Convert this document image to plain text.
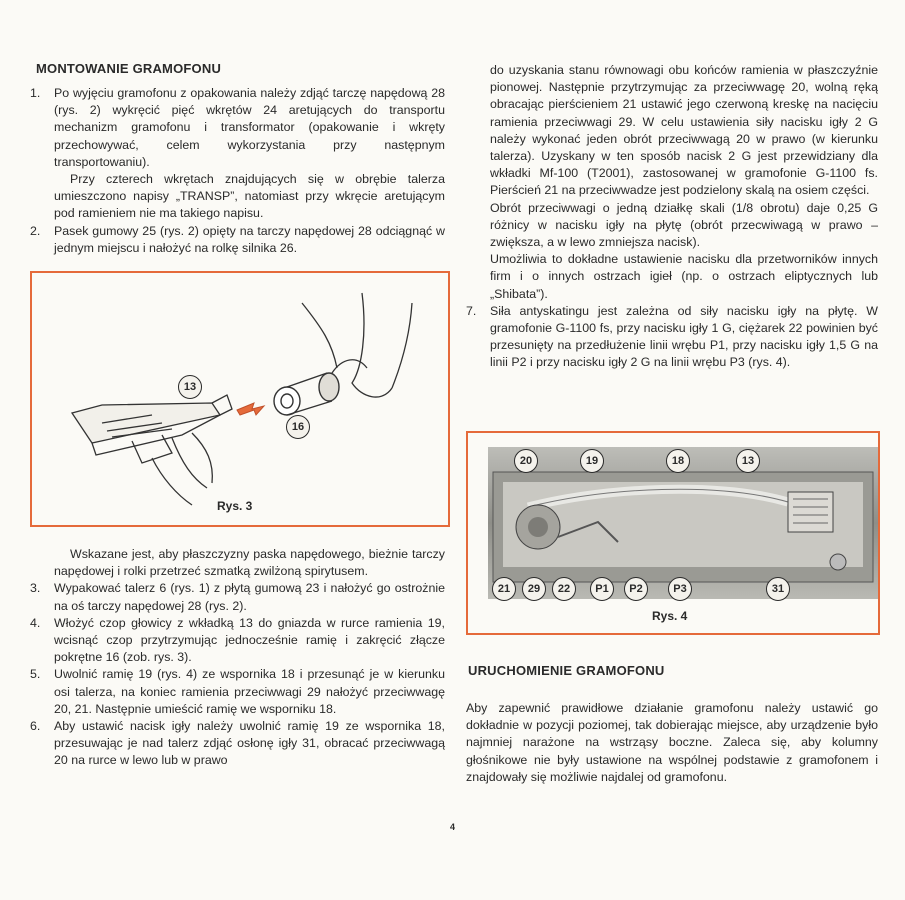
MONTOWANIE GRAMOFONU
1.	Po wyjęciu gramofonu z opakowania należy zdjąć tarczę napędową 28 (rys. 2) wykręcić pięć wkrętów 24 aretujących do transportu mechanizm gramofonu i transformator (opakowanie i wkręty przechowywać, celem wykorzystania przy następnym transportowaniu).

Przy czterech wkrętach znajdujących się w obrębie talerza umieszczono napisy „TRANSP”, natomiast przy wkręcie aretującym pod ramieniem nie ma takiego napisu.

2.	Pasek gumowy 25 (rys. 2) opięty na tarczy napędowej 28 odciągnąć w jednym miejscu i nałożyć na rolkę silnika 26.
13
16
Rys. 3

Wskazane jest, aby płaszczyzny paska napędowego, bieżnie tarczy napędowej i rolki przetrzeć szmatką zwilżoną spirytusem.

3.	Wypakować talerz 6 (rys. 1) z płytą gumową 23 i nałożyć go ostrożnie na oś tarczy napędowej 28 (rys. 2).
4.	Włożyć czop głowicy z wkładką 13 do gniazda w rurce ramienia 19, wcisnąć czop przytrzymując jednocześnie ramię i zakręcić złącze pokrętne 16 (zob. rys. 3).
5.	Uwolnić ramię 19 (rys. 4) ze wspornika 18 i przesunąć je w kierunku osi talerza, na koniec ramienia przeciwwagi 29 nałożyć przeciwwagę 20, 21. Następnie umieścić ramię we wsporniku 18.
6.	Aby ustawić nacisk igły należy uwolnić ramię 19 ze wspornika 18, przesuwając je nad talerz zdjąć osłonę igły 31, obracać przeciwwagą 20 na rurce w lewo lub w prawo

do uzyskania stanu równowagi obu końców ramienia w płaszczyźnie pionowej. Następnie przytrzymując za przeciwwagę 20, wolną ręką obracając pierścieniem 21 ustawić jego czerwoną kreskę na nacięciu ramienia przeciwwagi 29. W celu ustawienia siły nacisku igły 2 G należy wykonać jeden obrót przeciwwagą 20 w prawo (w kierunku talerza). Uzyskany w ten sposób nacisk 2 G jest przewidziany dla wkładki Mf-100 (T2001), zastosowanej w gramofonie G-1100 fs. Pierścień 21 na przeciwwadze jest podzielony skalą na osiem części.

Obrót przeciwwagi o jedną działkę skali (1/8 obrotu) daje 0,25 G różnicy w nacisku igły na płytę (obrót przecwiwagą w prawo – zwiększa, a w lewo zmniejsza nacisk).

Umożliwia to dokładne ustawienie nacisku dla przetworników innych firm i o innych ostrzach igieł (np. o ostrzach eliptycznych lub „Shibata”).

7.	Siła antyskatingu jest zależna od siły nacisku igły na płytę. W gramofonie G-1100 fs, przy nacisku igły 1 G, ciężarek 22 powinien być przesunięty na przedłużenie linii wrębu P1, przy nacisku igły 1,5 G na linii P2 i przy nacisku igły 2 G na linii wrębu P3 (rys. 4).
20	19	18	13
21 29 22 P1 P2	P3	31
Rys. 4
URUCHOMIENIE GRAMOFONU

Aby zapewnić prawidłowe działanie gramofonu należy ustawić go dokładnie w pozycji poziomej, tak dobierając miejsce, aby urządzenie było najmniej narażone na wstrząsy boczne. Zaleca się, aby kolumny głośnikowe nie były ustawione na wspólnej podstawie z gramofonem i znajdowały się możliwie najdalej od gramofonu.

4
